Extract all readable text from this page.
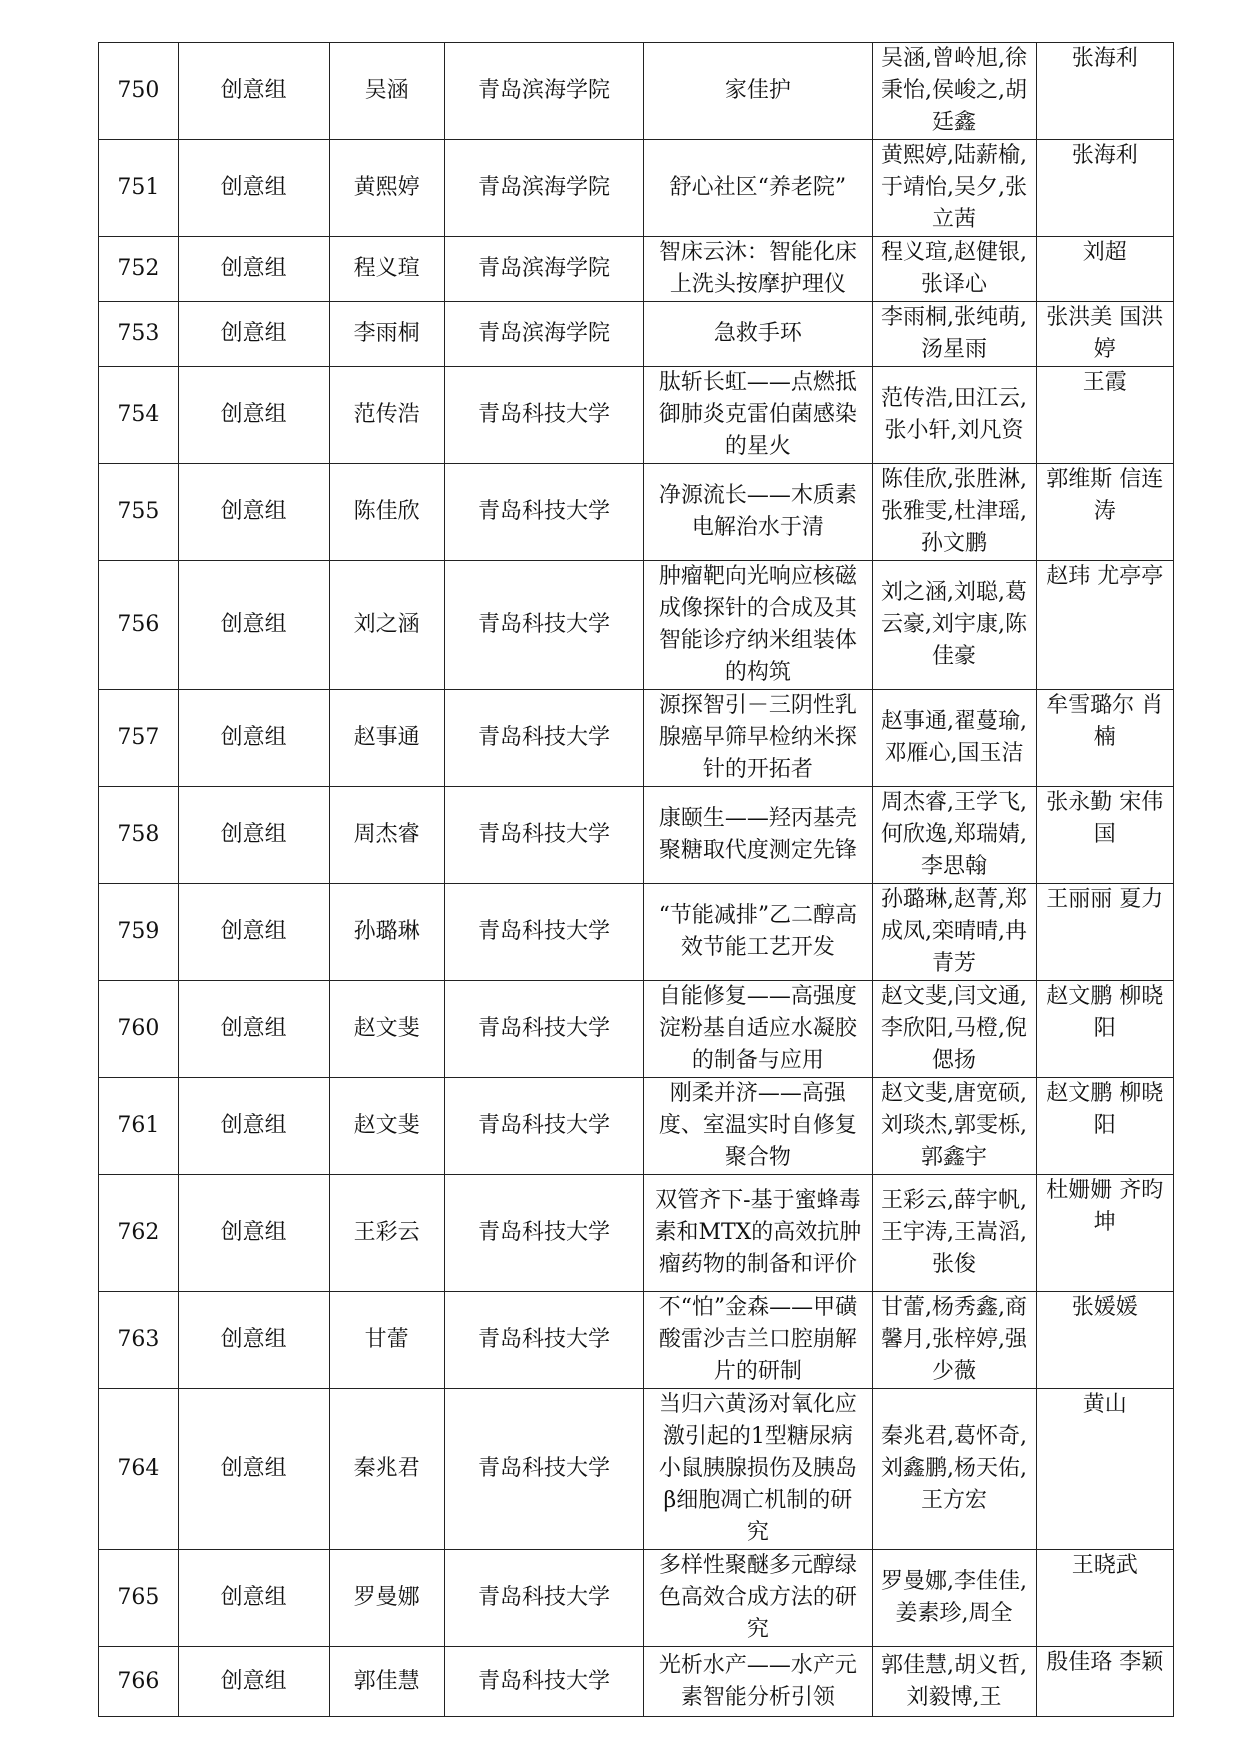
750	创意组	吴涵	青岛滨海学院	家佳护	吴涵,曾岭旭,徐秉怡,侯峻之,胡廷鑫	张海利
751	创意组	黄熙婷	青岛滨海学院	舒心社区“养老院”	黄熙婷,陆薪榆,于靖怡,吴夕,张立茜	张海利
752	创意组	程义瑄	青岛滨海学院	智床云沐：智能化床上洗头按摩护理仪	程义瑄,赵健银,张译心	刘超
753	创意组	李雨桐	青岛滨海学院	急救手环	李雨桐,张纯萌,汤星雨	张洪美 国洪婷
754	创意组	范传浩	青岛科技大学	肽斩长虹——点燃抵御肺炎克雷伯菌感染的星火	范传浩,田江云,张小轩,刘凡资	王霞
755	创意组	陈佳欣	青岛科技大学	净源流长——木质素电解治水于清	陈佳欣,张胜淋,张雅雯,杜津瑶,孙文鹏	郭维斯 信连涛
756	创意组	刘之涵	青岛科技大学	肿瘤靶向光响应核磁成像探针的合成及其智能诊疗纳米组装体的构筑	刘之涵,刘聪,葛云豪,刘宇康,陈佳豪	赵玮 尤亭亭
757	创意组	赵事通	青岛科技大学	源探智引－三阴性乳腺癌早筛早检纳米探针的开拓者	赵事通,翟蔓瑜,邓雁心,国玉洁	牟雪璐尔 肖楠
758	创意组	周杰睿	青岛科技大学	康颐生——羟丙基壳聚糖取代度测定先锋	周杰睿,王学飞,何欣逸,郑瑞婧,李思翰	张永勤 宋伟国
759	创意组	孙璐琳	青岛科技大学	“节能减排”乙二醇高效节能工艺开发	孙璐琳,赵菁,郑成凤,栾晴晴,冉青芳	王丽丽 夏力
760	创意组	赵文斐	青岛科技大学	自能修复——高强度淀粉基自适应水凝胶的制备与应用	赵文斐,闫文通,李欣阳,马橙,倪偲扬	赵文鹏 柳晓阳
761	创意组	赵文斐	青岛科技大学	刚柔并济——高强度、室温实时自修复聚合物	赵文斐,唐宽硕,刘琰杰,郭雯栎,郭鑫宇	赵文鹏 柳晓阳
762	创意组	王彩云	青岛科技大学	双管齐下-基于蜜蜂毒素和MTX的高效抗肿瘤药物的制备和评价	王彩云,薛宇帆,王宇涛,王嵩滔,张俊	杜姗姗 齐昀坤
763	创意组	甘蕾	青岛科技大学	不“怕”金森——甲磺酸雷沙吉兰口腔崩解片的研制	甘蕾,杨秀鑫,商馨月,张梓婷,强少薇	张媛媛
764	创意组	秦兆君	青岛科技大学	当归六黄汤对氧化应激引起的1型糖尿病小鼠胰腺损伤及胰岛β细胞凋亡机制的研究	秦兆君,葛怀奇,刘鑫鹏,杨天佑,王方宏	黄山
765	创意组	罗曼娜	青岛科技大学	多样性聚醚多元醇绿色高效合成方法的研究	罗曼娜,李佳佳,姜素珍,周全	王晓武
766	创意组	郭佳慧	青岛科技大学	光析水产——水产元素智能分析引领	郭佳慧,胡义哲,刘毅博,王	殷佳珞 李颖
